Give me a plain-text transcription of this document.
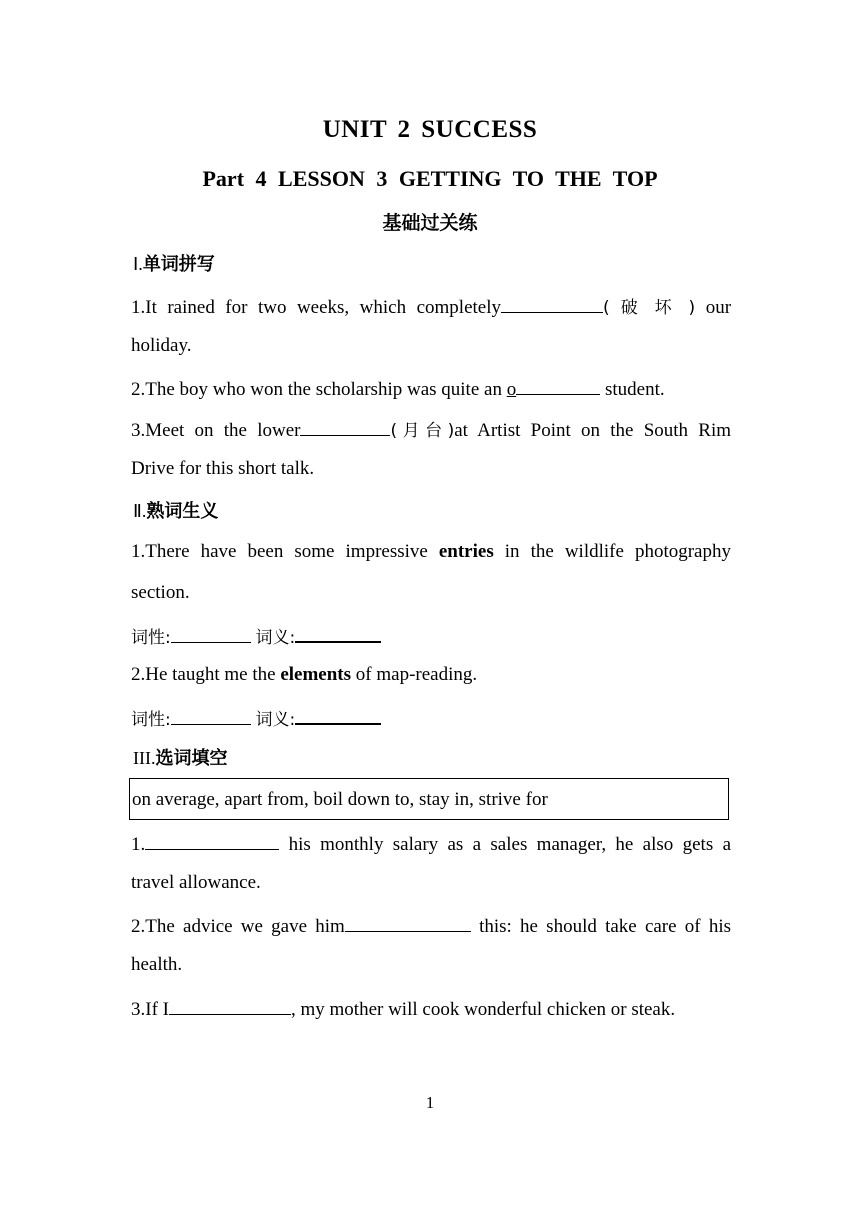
UNIT 2 SUCCESS
Part 4 LESSON 3 GETTING TO THE TOP
基础过关练
Ⅰ.单词拼写
1.It rained for two weeks, which completely	( 破 坏 ) our
holiday.
2.The boy who won the scholarship was quite an o	student.
3.Meet on the lower	(月台)at Artist Point on the South Rim
Drive for this short talk.
Ⅱ.熟词生义
1.There have been some impressive entries in the wildlife photography
section.
词性:	词义:
2.He taught me the elements of map-reading.
词性:	词义:
III.选词填空
on average, apart from, boil down to, stay in, strive for
1.	his monthly salary as a sales manager, he also gets a
travel allowance.
2.The advice we gave him	this: he should take care of his
health.
3.If I	, my mother will cook wonderful chicken or steak.
1
